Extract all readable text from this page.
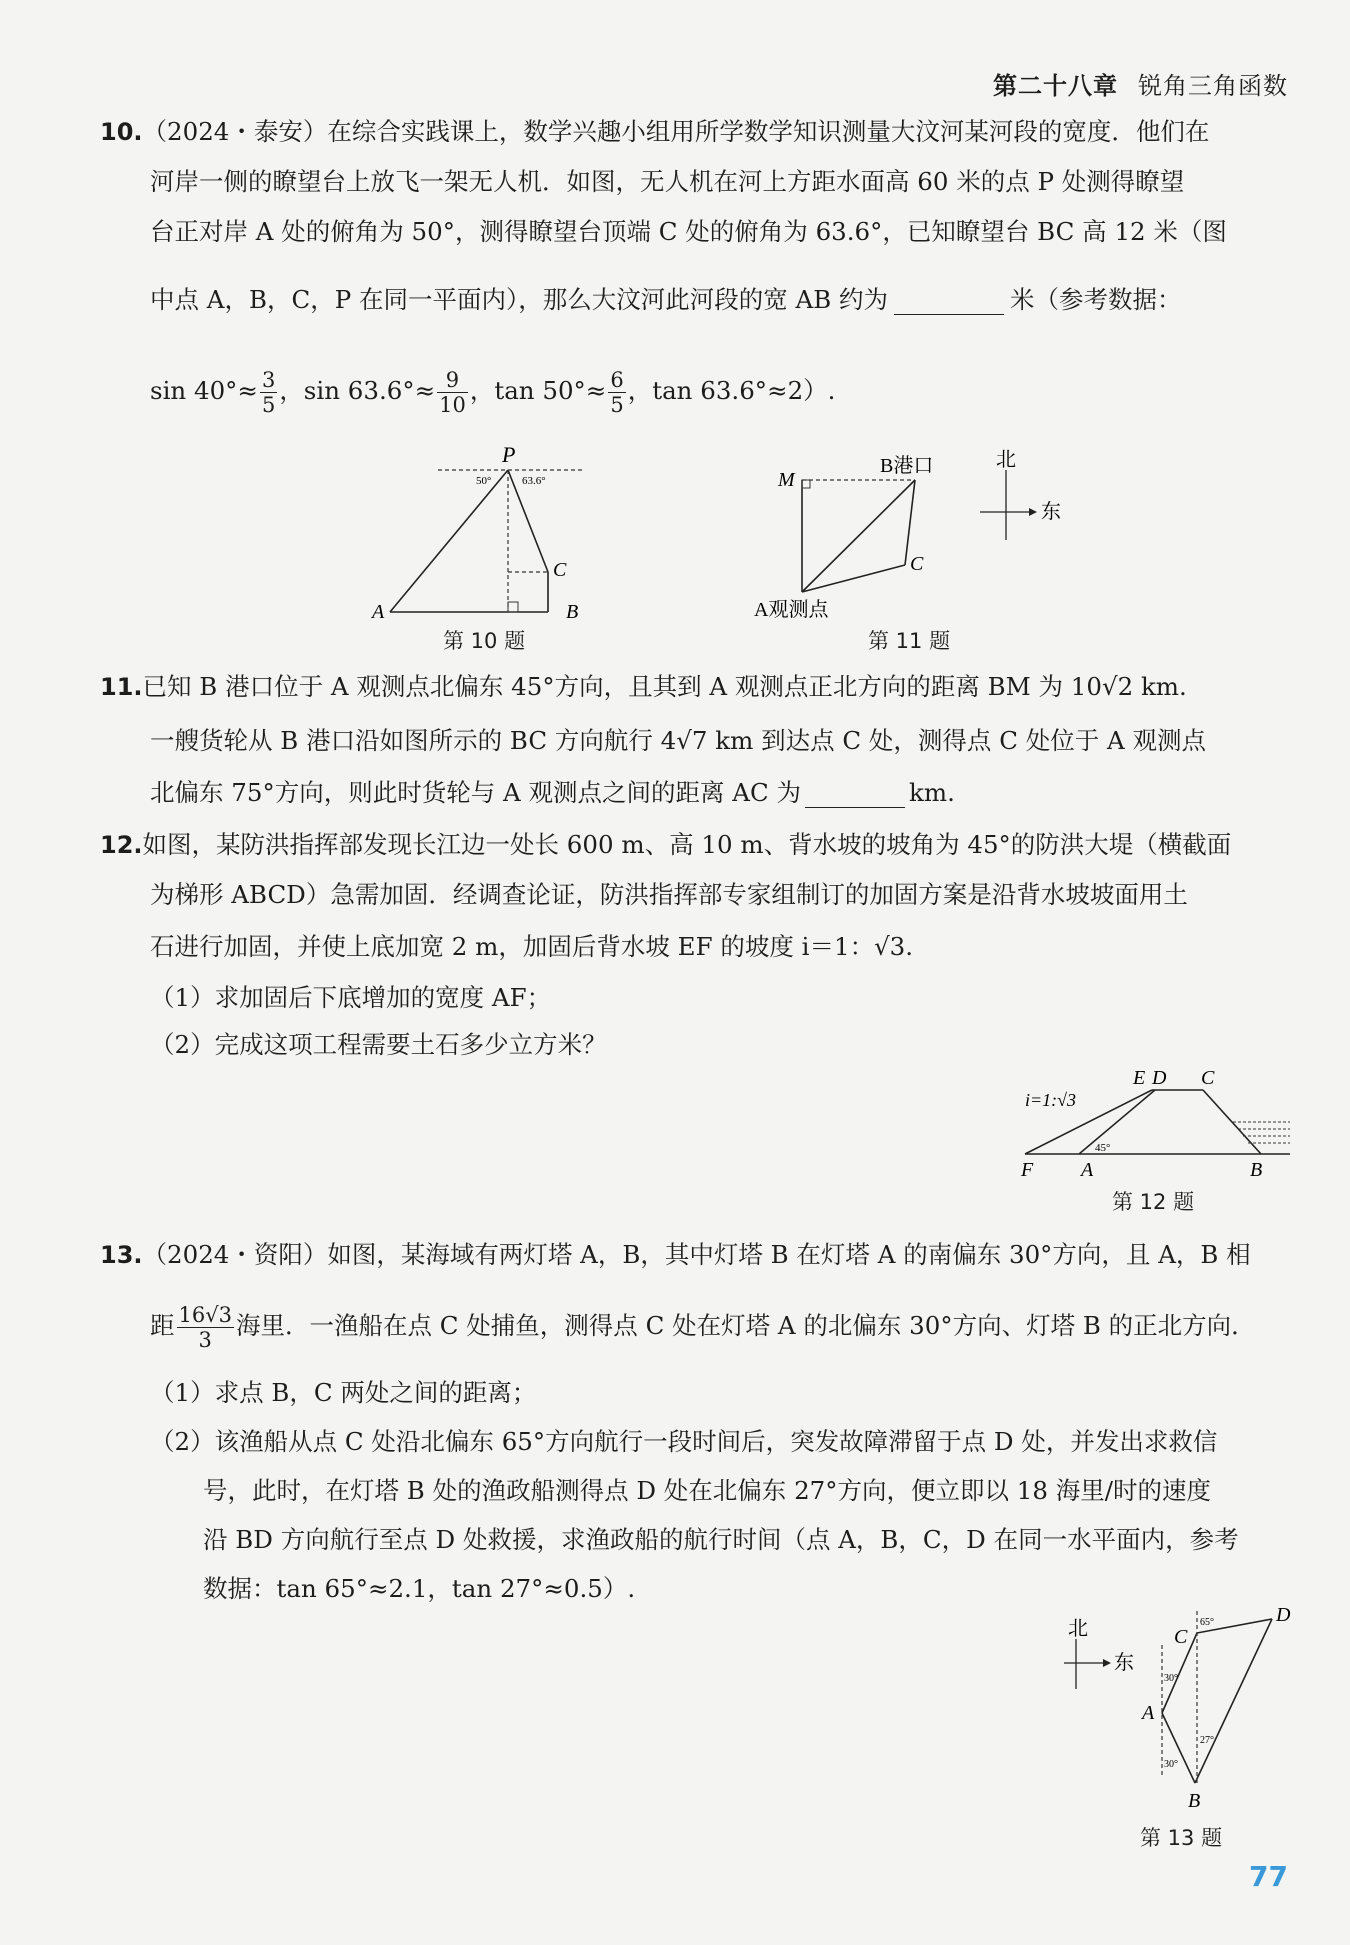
第二十八章 锐角三角函数
10.（2024・泰安）在综合实践课上，数学兴趣小组用所学数学知识测量大汶河某河段的宽度．他们在
河岸一侧的瞭望台上放飞一架无人机．如图，无人机在河上方距水面高 60 米的点 P 处测得瞭望
台正对岸 A 处的俯角为 50°，测得瞭望台顶端 C 处的俯角为 63.6°，已知瞭望台 BC 高 12 米（图
中点 A，B，C，P 在同一平面内），那么大汶河此河段的宽 AB 约为	米（参考数据：
$\sin 40^\circ\approx \frac{3}{5}$ ，$\sin 63.6^\circ\approx \frac{9}{10}$ ，$\tan 50^\circ\approx \frac{6}{5}$ ，tan 63.6°≈2）.
P
50°	63.6°
C
A	B
第 10 题
B港口
M
C
A观测点
北
东
第 11 题
11.已知 B 港口位于 A 观测点北偏东 45°方向，且其到 A 观测点正北方向的距离 BM 为 10√2 km.
一艘货轮从 B 港口沿如图所示的 BC 方向航行 4√7 km 到达点 C 处，测得点 C 处位于 A 观测点
北偏东 75°方向，则此时货轮与 A 观测点之间的距离 AC 为	km.
12.如图，某防洪指挥部发现长江边一处长 600 m、高 10 m、背水坡的坡角为 45°的防洪大堤（横截面
为梯形 ABCD）急需加固．经调查论证，防洪指挥部专家组制订的加固方案是沿背水坡坡面用土
石进行加固，并使上底加宽 2 m，加固后背水坡 EF 的坡度 i＝1：√3.
（1）求加固后下底增加的宽度 AF；
（2）完成这项工程需要土石多少立方米？
i=1:√3
E D C
45°
F A	B
第 12 题
13.（2024・资阳）如图，某海域有两灯塔 A，B，其中灯塔 B 在灯塔 A 的南偏东 30°方向，且 A，B 相
距 $\frac{16√3}{3}$ 海里．一渔船在点 C 处捕鱼，测得点 C 处在灯塔 A 的北偏东 30°方向、灯塔 B 的正北方向．
（1）求点 B，C 两处之间的距离；
（2）该渔船从点 C 处沿北偏东 65°方向航行一段时间后，突发故障滞留于点 D 处，并发出求救信
号，此时，在灯塔 B 处的渔政船测得点 D 处在北偏东 27°方向，便立即以 18 海里/时的速度
沿 BD 方向航行至点 D 处救援，求渔政船的航行时间（点 A，B，C，D 在同一水平面内，参考
数据：tan 65°≈2.1，tan 27°≈0.5）.
北
东
65°
30°
30°
27°
C
D
A
B
第 13 题
77
